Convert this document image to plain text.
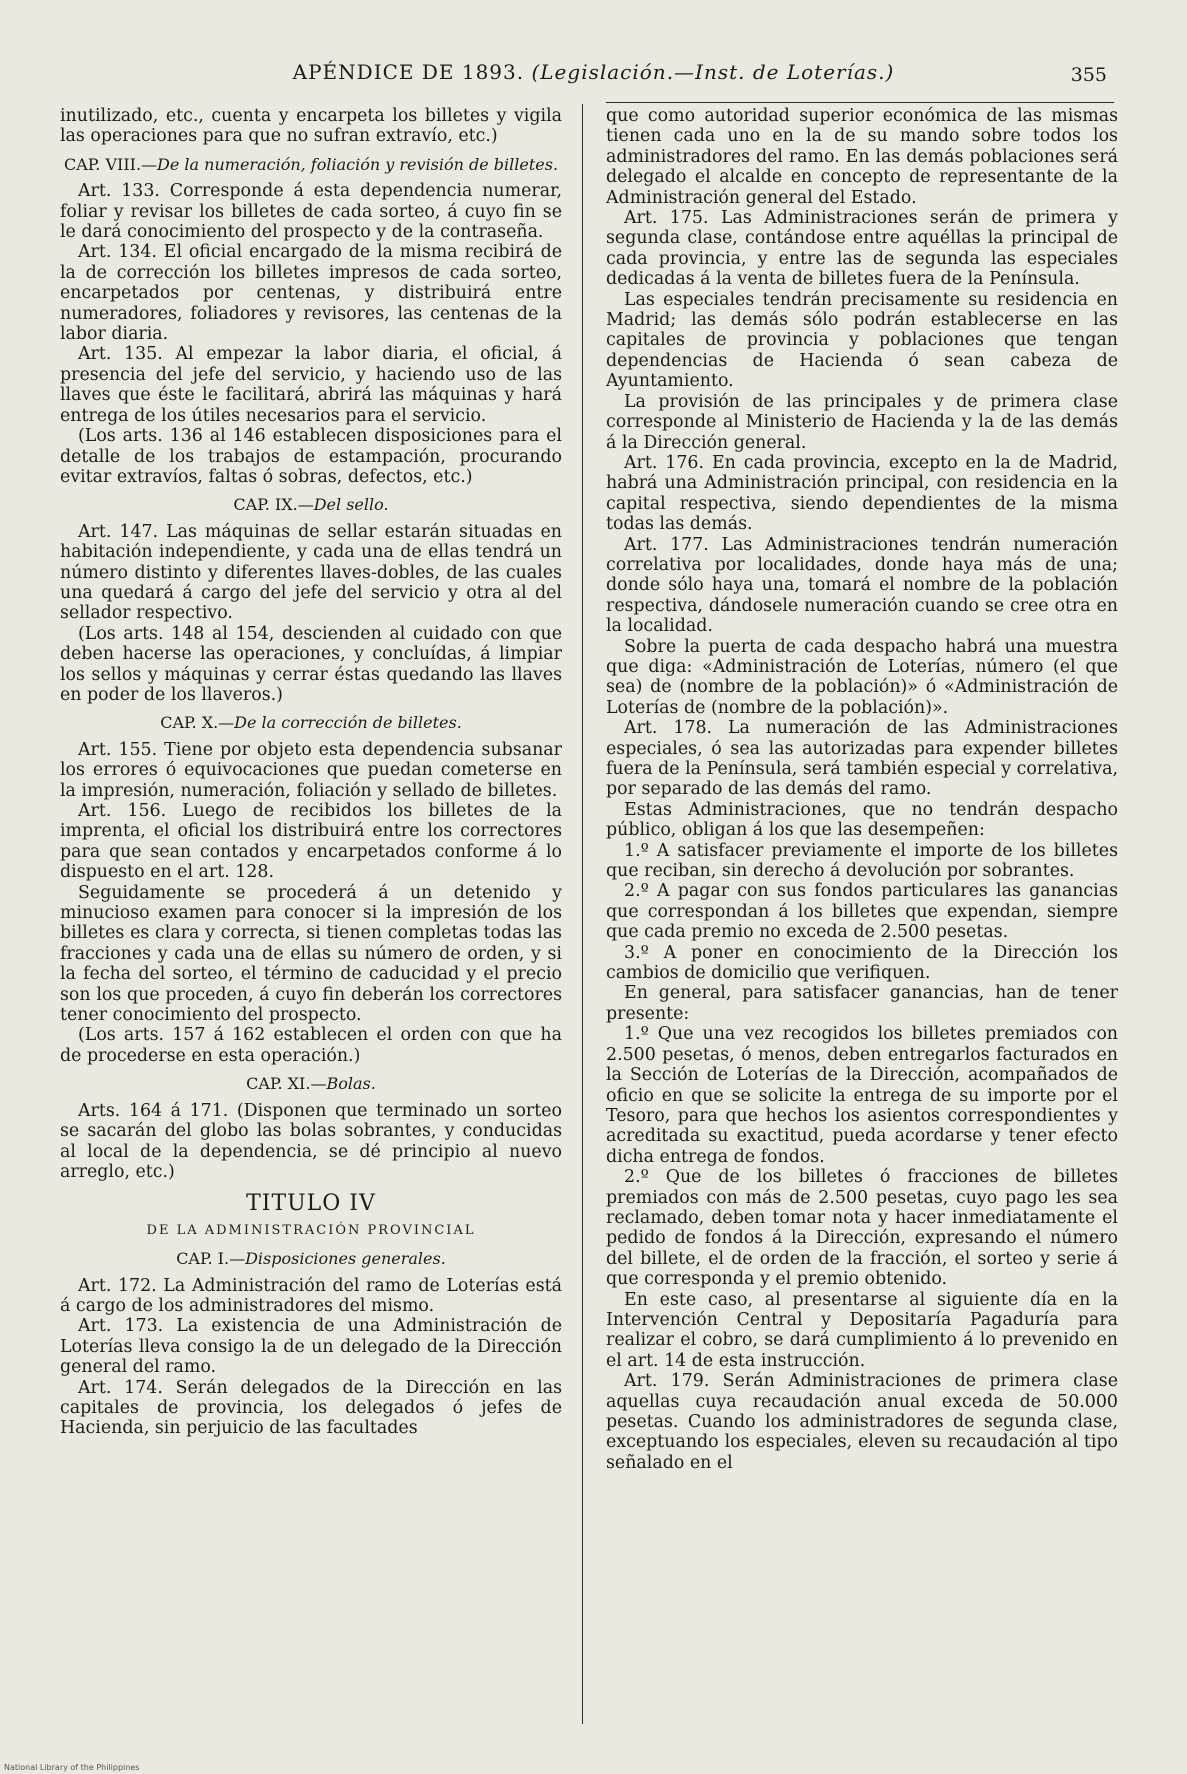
APÉNDICE DE 1893. (Legislación.—Inst. de Loterías.)	355

inutilizado, etc., cuenta y encarpeta los billetes y vigila las operaciones para que no sufran extravío, etc.)

CAP. VIII.—De la numeración, foliación y revisión de billetes.

Art. 133. Corresponde á esta dependencia numerar, foliar y revisar los billetes de cada sorteo, á cuyo fin se le dará conocimiento del prospecto y de la contraseña.

Art. 134. El oficial encargado de la misma recibirá de la de corrección los billetes impresos de cada sorteo, encarpetados por centenas, y distribuirá entre numeradores, foliadores y revisores, las centenas de la labor diaria.

Art. 135. Al empezar la labor diaria, el oficial, á presencia del jefe del servicio, y haciendo uso de las llaves que éste le facilitará, abrirá las máquinas y hará entrega de los útiles necesarios para el servicio.

(Los arts. 136 al 146 establecen disposiciones para el detalle de los trabajos de estampación, procurando evitar extravíos, faltas ó sobras, defectos, etc.)

CAP. IX.—Del sello.

Art. 147. Las máquinas de sellar estarán situadas en habitación independiente, y cada una de ellas tendrá un número distinto y diferentes llaves-dobles, de las cuales una quedará á cargo del jefe del servicio y otra al del sellador respectivo.

(Los arts. 148 al 154, descienden al cuidado con que deben hacerse las operaciones, y concluídas, á limpiar los sellos y máquinas y cerrar éstas quedando las llaves en poder de los llaveros.)

CAP. X.—De la corrección de billetes.

Art. 155. Tiene por objeto esta dependencia subsanar los errores ó equivocaciones que puedan cometerse en la impresión, numeración, foliación y sellado de billetes.

Art. 156. Luego de recibidos los billetes de la imprenta, el oficial los distribuirá entre los correctores para que sean contados y encarpetados conforme á lo dispuesto en el art. 128.

Seguidamente se procederá á un detenido y minucioso examen para conocer si la impresión de los billetes es clara y correcta, si tienen completas todas las fracciones y cada una de ellas su número de orden, y si la fecha del sorteo, el término de caducidad y el precio son los que proceden, á cuyo fin deberán los correctores tener conocimiento del prospecto.

(Los arts. 157 á 162 establecen el orden con que ha de procederse en esta operación.)

CAP. XI.—Bolas.

Arts. 164 á 171. (Disponen que terminado un sorteo se sacarán del globo las bolas sobrantes, y conducidas al local de la dependencia, se dé principio al nuevo arreglo, etc.)

TITULO IV

DE LA ADMINISTRACIÓN PROVINCIAL

CAP. I.—Disposiciones generales.

Art. 172. La Administración del ramo de Loterías está á cargo de los administradores del mismo.

Art. 173. La existencia de una Administración de Loterías lleva consigo la de un delegado de la Dirección general del ramo.

Art. 174. Serán delegados de la Dirección en las capitales de provincia, los delegados ó jefes de Hacienda, sin perjuicio de las facultades

que como autoridad superior económica de las mismas tienen cada uno en la de su mando sobre todos los administradores del ramo. En las demás poblaciones será delegado el alcalde en concepto de representante de la Administración general del Estado.

Art. 175. Las Administraciones serán de primera y segunda clase, contándose entre aquéllas la principal de cada provincia, y entre las de segunda las especiales dedicadas á la venta de billetes fuera de la Península.

Las especiales tendrán precisamente su residencia en Madrid; las demás sólo podrán establecerse en las capitales de provincia y poblaciones que tengan dependencias de Hacienda ó sean cabeza de Ayuntamiento.

La provisión de las principales y de primera clase corresponde al Ministerio de Hacienda y la de las demás á la Dirección general.

Art. 176. En cada provincia, excepto en la de Madrid, habrá una Administración principal, con residencia en la capital respectiva, siendo dependientes de la misma todas las demás.

Art. 177. Las Administraciones tendrán numeración correlativa por localidades, donde haya más de una; donde sólo haya una, tomará el nombre de la población respectiva, dándosele numeración cuando se cree otra en la localidad.

Sobre la puerta de cada despacho habrá una muestra que diga: «Administración de Loterías, número (el que sea) de (nombre de la población)» ó «Administración de Loterías de (nombre de la población)».

Art. 178. La numeración de las Administraciones especiales, ó sea las autorizadas para expender billetes fuera de la Península, será también especial y correlativa, por separado de las demás del ramo.

Estas Administraciones, que no tendrán despacho público, obligan á los que las desempeñen:

1.º A satisfacer previamente el importe de los billetes que reciban, sin derecho á devolución por sobrantes.

2.º A pagar con sus fondos particulares las ganancias que correspondan á los billetes que expendan, siempre que cada premio no exceda de 2.500 pesetas.

3.º A poner en conocimiento de la Dirección los cambios de domicilio que verifiquen.

En general, para satisfacer ganancias, han de tener presente:

1.º Que una vez recogidos los billetes premiados con 2.500 pesetas, ó menos, deben entregarlos facturados en la Sección de Loterías de la Dirección, acompañados de oficio en que se solicite la entrega de su importe por el Tesoro, para que hechos los asientos correspondientes y acreditada su exactitud, pueda acordarse y tener efecto dicha entrega de fondos.

2.º Que de los billetes ó fracciones de billetes premiados con más de 2.500 pesetas, cuyo pago les sea reclamado, deben tomar nota y hacer inmediatamente el pedido de fondos á la Dirección, expresando el número del billete, el de orden de la fracción, el sorteo y serie á que corresponda y el premio obtenido.

En este caso, al presentarse al siguiente día en la Intervención Central y Depositaría Pagaduría para realizar el cobro, se dará cumplimiento á lo prevenido en el art. 14 de esta instrucción.

Art. 179. Serán Administraciones de primera clase aquellas cuya recaudación anual exceda de 50.000 pesetas. Cuando los administradores de segunda clase, exceptuando los especiales, eleven su recaudación al tipo señalado en el

National Library of the Philippines
